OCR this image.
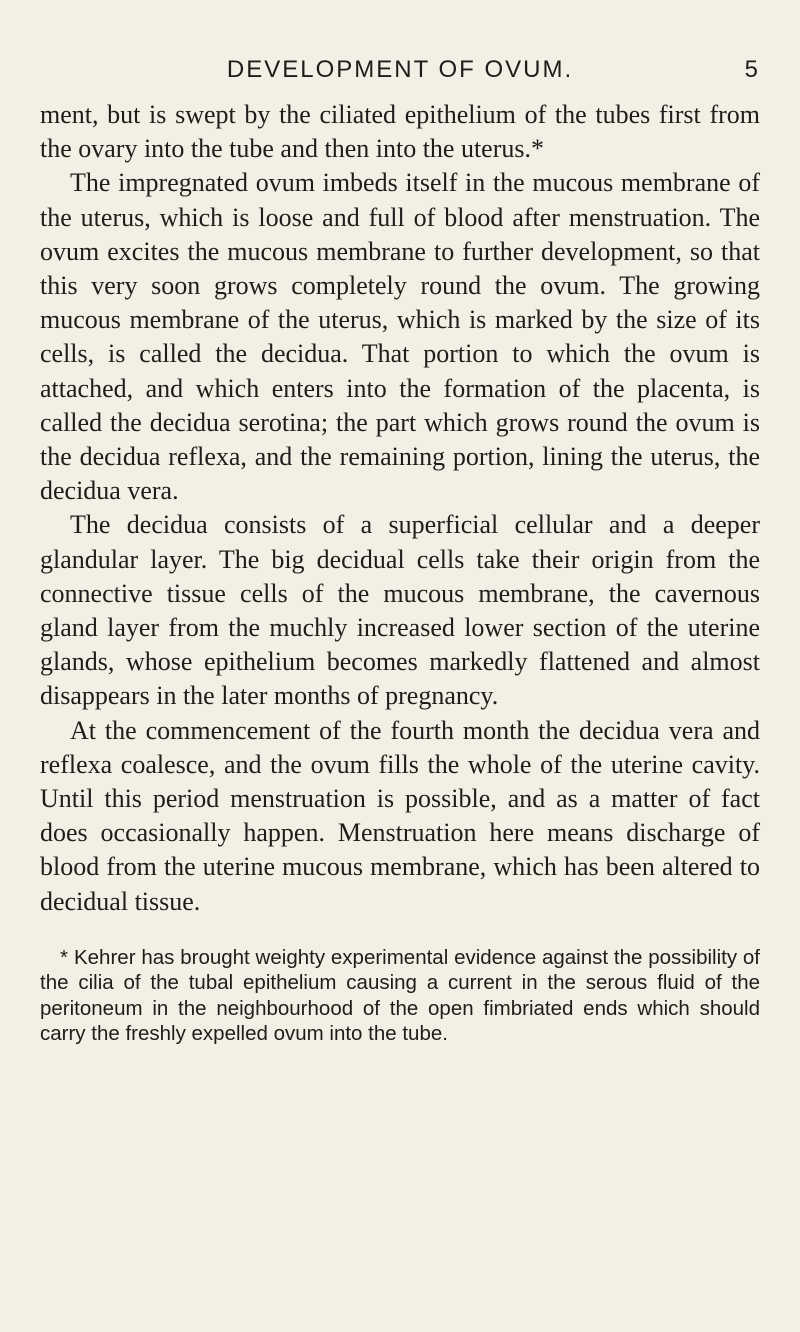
DEVELOPMENT OF OVUM.	5

ment, but is swept by the ciliated epithelium of the tubes first from the ovary into the tube and then into the uterus.*

The impregnated ovum imbeds itself in the mucous membrane of the uterus, which is loose and full of blood after menstruation. The ovum excites the mucous membrane to further development, so that this very soon grows completely round the ovum. The growing mucous membrane of the uterus, which is marked by the size of its cells, is called the decidua. That portion to which the ovum is attached, and which enters into the formation of the placenta, is called the decidua serotina; the part which grows round the ovum is the decidua reflexa, and the remaining portion, lining the uterus, the decidua vera.

The decidua consists of a superficial cellular and a deeper glandular layer. The big decidual cells take their origin from the connective tissue cells of the mucous membrane, the cavernous gland layer from the muchly increased lower section of the uterine glands, whose epithelium becomes markedly flattened and almost disappears in the later months of pregnancy.

At the commencement of the fourth month the decidua vera and reflexa coalesce, and the ovum fills the whole of the uterine cavity. Until this period menstruation is possible, and as a matter of fact does occasionally happen. Menstruation here means discharge of blood from the uterine mucous membrane, which has been altered to decidual tissue.

* Kehrer has brought weighty experimental evidence against the possibility of the cilia of the tubal epithelium causing a current in the serous fluid of the peritoneum in the neighbourhood of the open fimbriated ends which should carry the freshly expelled ovum into the tube.
